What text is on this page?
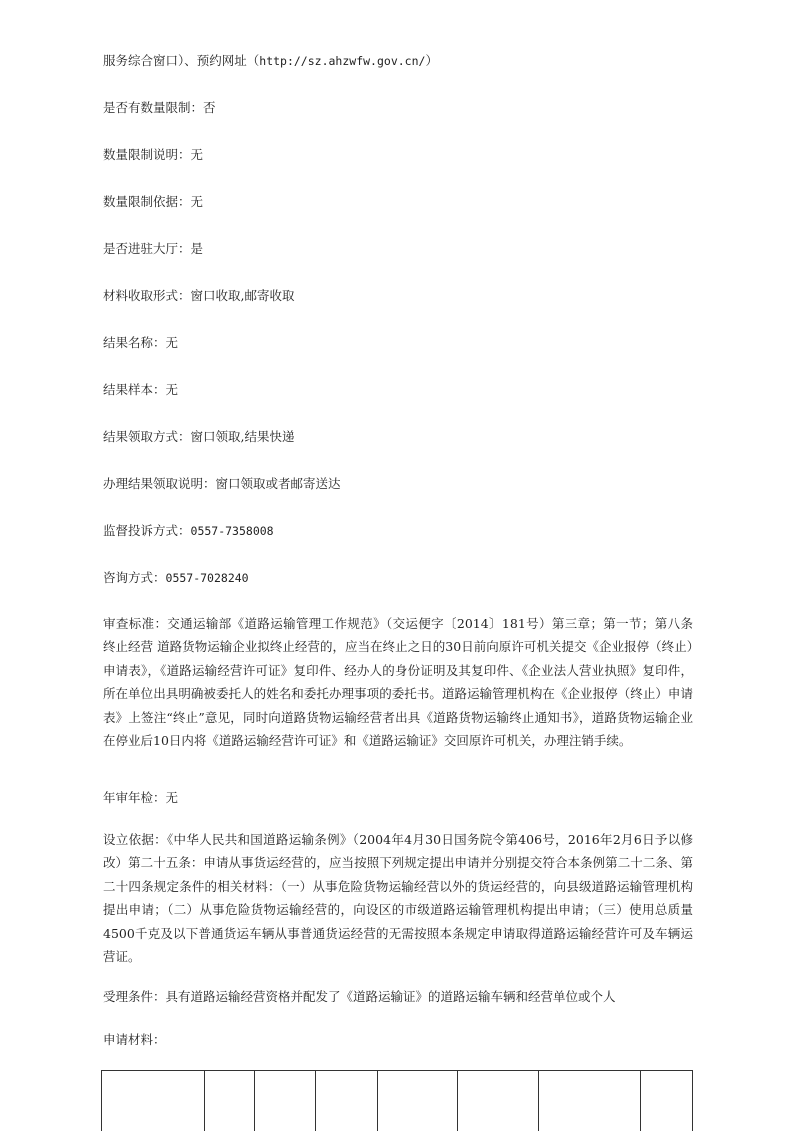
服务综合窗口）、预约网址（http://sz.ahzwfw.gov.cn/）
是否有数量限制：否
数量限制说明：无
数量限制依据：无
是否进驻大厅：是
材料收取形式：窗口收取,邮寄收取
结果名称：无
结果样本：无
结果领取方式：窗口领取,结果快递
办理结果领取说明：窗口领取或者邮寄送达
监督投诉方式：0557-7358008
咨询方式：0557-7028240
审查标准：交通运输部《道路运输管理工作规范》（交运便字〔2014〕181号）第三章；第一节；第八条 终止经营 道路货物运输企业拟终止经营的，应当在终止之日的30日前向原许可机关提交《企业报停（终止）申请表》，《道路运输经营许可证》复印件、经办人的身份证明及其复印件、《企业法人营业执照》复印件，所在单位出具明确被委托人的姓名和委托办理事项的委托书。道路运输管理机构在《企业报停（终止）申请表》上签注“终止”意见，同时向道路货物运输经营者出具《道路货物运输终止通知书》，道路货物运输企业在停业后10日内将《道路运输经营许可证》和《道路运输证》交回原许可机关，办理注销手续。
年审年检：无
设立依据：《中华人民共和国道路运输条例》（2004年4月30日国务院令第406号，2016年2月6日予以修改）第二十五条：申请从事货运经营的，应当按照下列规定提出申请并分别提交符合本条例第二十二条、第二十四条规定条件的相关材料：（一）从事危险货物运输经营以外的货运经营的，向县级道路运输管理机构提出申请；（二）从事危险货物运输经营的，向设区的市级道路运输管理机构提出申请；（三）使用总质量4500千克及以下普通货运车辆从事普通货运经营的无需按照本条规定申请取得道路运输经营许可及车辆运营证。
受理条件：具有道路运输经营资格并配发了《道路运输证》的道路运输车辆和经营单位或个人
申请材料：
